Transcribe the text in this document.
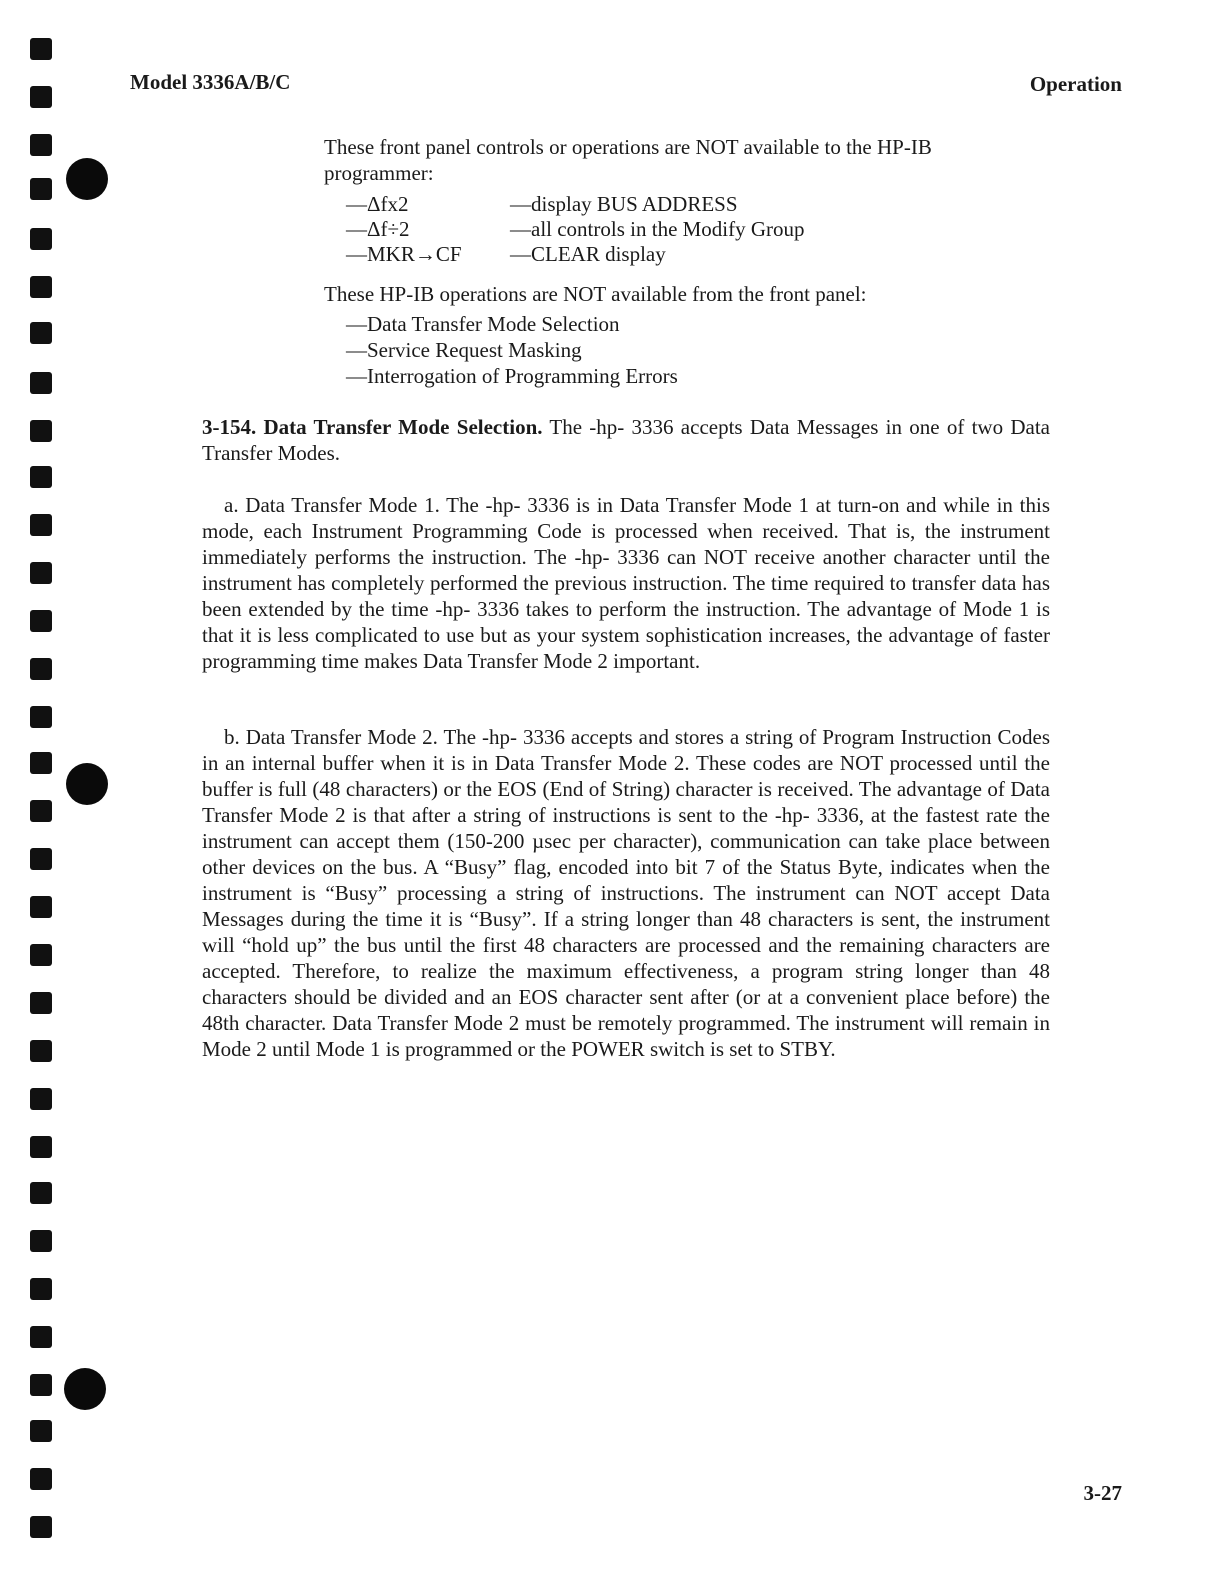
Model 3336A/B/C	Operation
These front panel controls or operations are NOT available to the HP-IB programmer:
—Δfx2	—display BUS ADDRESS
—Δf÷2	—all controls in the Modify Group
—MKR→CF	—CLEAR display
These HP-IB operations are NOT available from the front panel:
—Data Transfer Mode Selection
—Service Request Masking
—Interrogation of Programming Errors
3-154. Data Transfer Mode Selection. The -hp- 3336 accepts Data Messages in one of two Data Transfer Modes.
a. Data Transfer Mode 1. The -hp- 3336 is in Data Transfer Mode 1 at turn-on and while in this mode, each Instrument Programming Code is processed when received. That is, the instrument immediately performs the instruction. The -hp- 3336 can NOT receive another character until the instrument has completely performed the previous instruction. The time required to transfer data has been extended by the time -hp- 3336 takes to perform the instruction. The advantage of Mode 1 is that it is less complicated to use but as your system sophistication increases, the advantage of faster programming time makes Data Transfer Mode 2 important.
b. Data Transfer Mode 2. The -hp- 3336 accepts and stores a string of Program Instruction Codes in an internal buffer when it is in Data Transfer Mode 2. These codes are NOT processed until the buffer is full (48 characters) or the EOS (End of String) character is received. The advantage of Data Transfer Mode 2 is that after a string of instructions is sent to the -hp- 3336, at the fastest rate the instrument can accept them (150-200 µsec per character), communication can take place between other devices on the bus. A “Busy” flag, encoded into bit 7 of the Status Byte, indicates when the instrument is “Busy” processing a string of instructions. The instrument can NOT accept Data Messages during the time it is “Busy”. If a string longer than 48 characters is sent, the instrument will “hold up” the bus until the first 48 characters are processed and the remaining characters are accepted. Therefore, to realize the maximum effectiveness, a program string longer than 48 characters should be divided and an EOS character sent after (or at a convenient place before) the 48th character. Data Transfer Mode 2 must be remotely programmed. The instrument will remain in Mode 2 until Mode 1 is programmed or the POWER switch is set to STBY.
3-27
